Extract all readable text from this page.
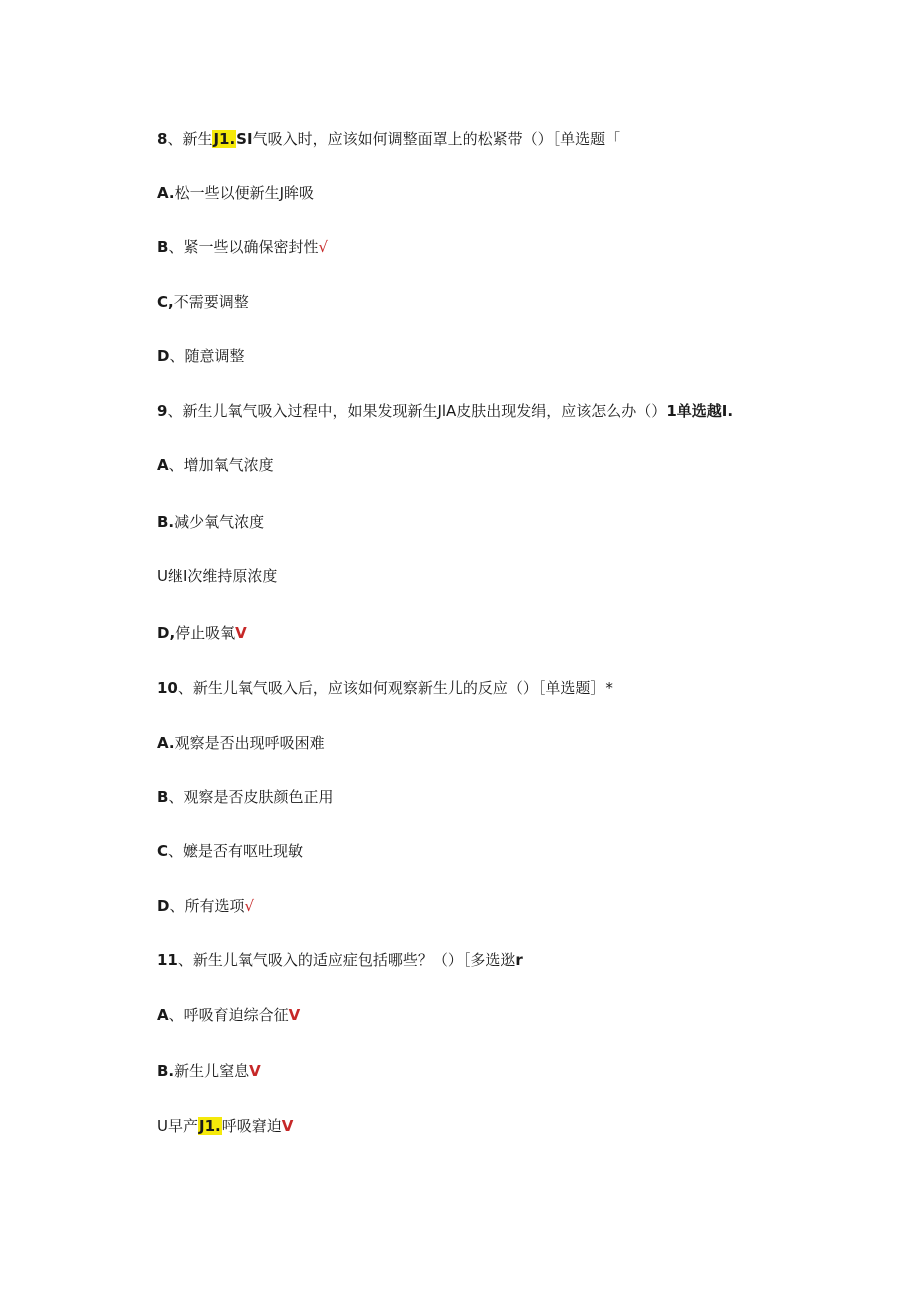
8、新生J1.SI气吸入时，应该如何调整面罩上的松紧带（）［单选题「
A.松一些以便新生J眸吸
B、紧一些以确保密封性√
C,不需要调整
D、随意调整
9、新生儿氧气吸入过程中，如果发现新生JlA皮肤出现发绢，应该怎么办（）1单选越I.
A、增加氧气浓度
B.减少氧气浓度
U继I次维持原浓度
D,停止吸氧V
10、新生儿氧气吸入后，应该如何观察新生儿的反应（）［单选题］*
A.观察是否出现呼吸困难
B、观察是否皮肤颜色正用
C、嬷是否有呕吐现敏
D、所有选项√
11、新生儿氧气吸入的适应症包括哪些？（）［多选逖r
A、呼吸育迫综合征V
B.新生儿窒息V
U早产J1.呼吸窘迫V
